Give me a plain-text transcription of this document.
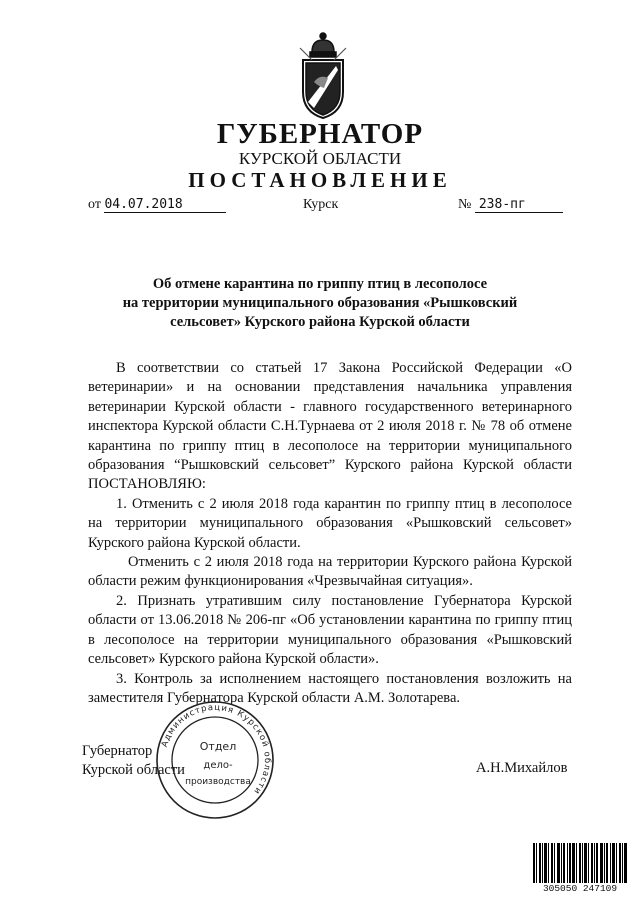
ГУБЕРНАТОР
КУРСКОЙ ОБЛАСТИ
ПОСТАНОВЛЕНИЕ
от 04.07.2018	Курск	№ 238-пг
Об отмене карантина по гриппу птиц в лесополосе
на территории муниципального образования «Рышковский
сельсовет» Курского района Курской области

В соответствии со статьей 17 Закона Российской Федерации «О ветеринарии» и на основании представления начальника управления ветеринарии Курской области - главного государственного ветеринарного инспектора Курской области С.Н.Турнаева от 2 июля 2018 г. № 78 об отмене карантина по гриппу птиц в лесополосе на территории муниципального образования “Рышковский сельсовет” Курского района Курской области ПОСТАНОВЛЯЮ:

1. Отменить с 2 июля 2018 года карантин по гриппу птиц в лесополосе на территории муниципального образования «Рышковский сельсовет» Курского района Курской области.

Отменить с 2 июля 2018 года на территории Курского района Курской области режим функционирования «Чрезвычайная ситуация».

2. Признать утратившим силу постановление Губернатора Курской области от 13.06.2018 № 206-пг «Об установлении карантина по гриппу птиц в лесополосе на территории муниципального образования «Рышковский сельсовет» Курского района Курской области».

3. Контроль за исполнением настоящего постановления возложить на заместителя Губернатора Курской области А.М. Золотарева.

Губернатор
Курской области	А.Н.Михайлов
Администрация Курской области
Отдел
дело-
производства
305050 247109
